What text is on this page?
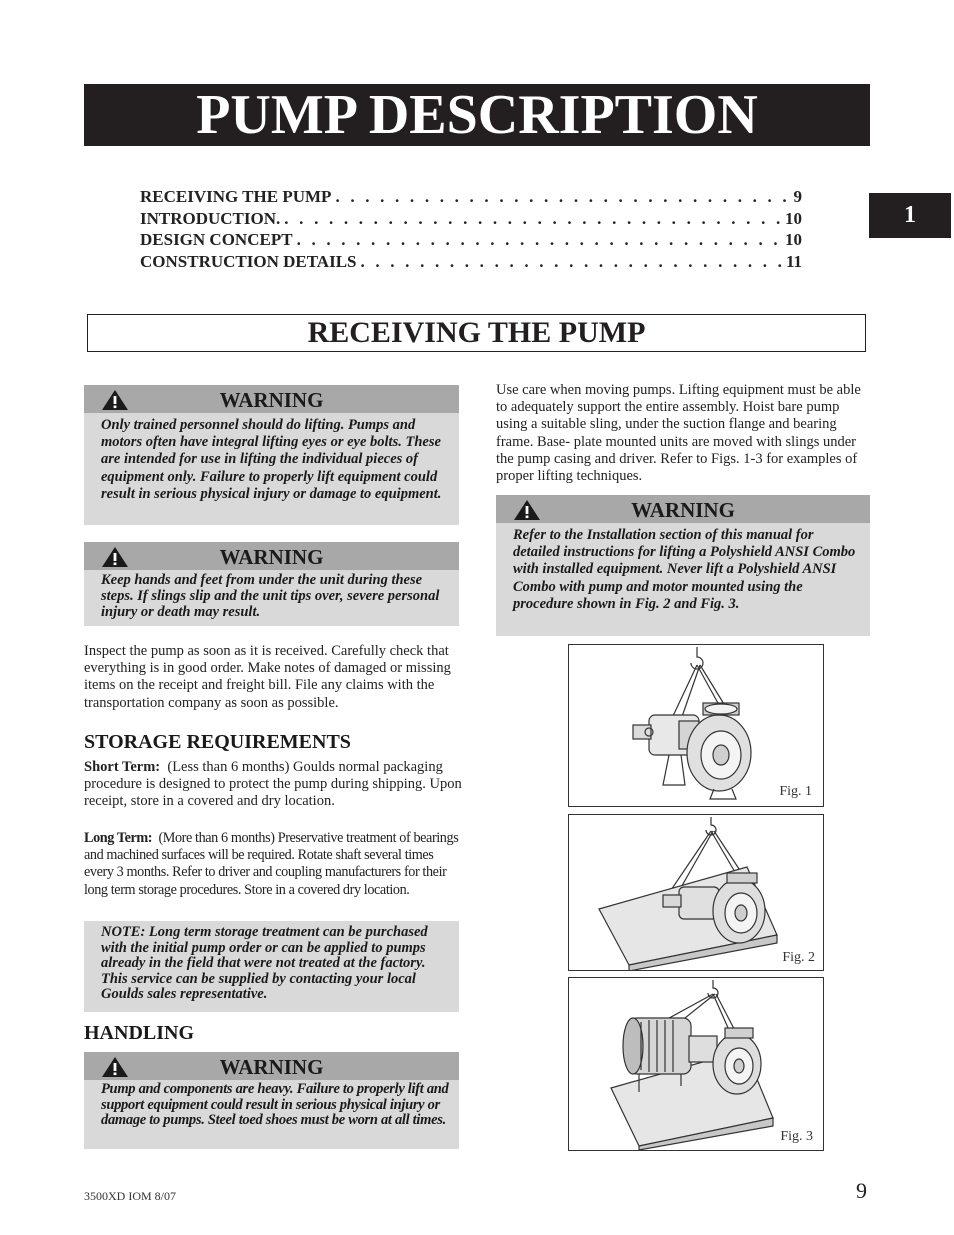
PUMP DESCRIPTION
1
RECEIVING THE PUMP . . .	9
INTRODUCTION. . . .	10
DESIGN CONCEPT . . .	10
CONSTRUCTION DETAILS . . .	11
RECEIVING THE PUMP
WARNING
Only trained personnel should do lifting. Pumps and motors often have integral lifting eyes or eye bolts. These are intended for use in lifting the individual pieces of equipment only. Failure to properly lift equipment could result in serious physical injury or damage to equipment.
WARNING
Keep hands and feet from under the unit during these steps. If slings slip and the unit tips over, severe personal injury or death may result.
Inspect the pump as soon as it is received. Carefully check that everything is in good order. Make notes of damaged or missing items on the receipt and freight bill. File any claims with the transportation company as soon as possible.
STORAGE REQUIREMENTS
Short Term: (Less than 6 months) Goulds normal packaging procedure is designed to protect the pump during shipping. Upon receipt, store in a covered and dry location.
Long Term: (More than 6 months) Preservative treatment of bearings and machined surfaces will be required. Rotate shaft several times every 3 months. Refer to driver and coupling manufacturers for their long term storage procedures. Store in a covered dry location.
NOTE: Long term storage treatment can be purchased with the initial pump order or can be applied to pumps already in the field that were not treated at the factory. This service can be supplied by contacting your local Goulds sales representative.
HANDLING
WARNING
Pump and components are heavy. Failure to properly lift and support equipment could result in serious physical injury or damage to pumps. Steel toed shoes must be worn at all times.
Use care when moving pumps. Lifting equipment must be able to adequately support the entire assembly. Hoist bare pump using a suitable sling, under the suction flange and bearing frame. Base- plate mounted units are moved with slings under the pump casing and driver. Refer to Figs. 1-3 for examples of proper lifting techniques.
WARNING
Refer to the Installation section of this manual for detailed instructions for lifting a Polyshield ANSI Combo with installed equipment. Never lift a Polyshield ANSI Combo with pump and motor mounted using the procedure shown in Fig. 2 and Fig. 3.
Fig. 1
Fig. 2
Fig. 3
3500XD IOM 8/07	9
